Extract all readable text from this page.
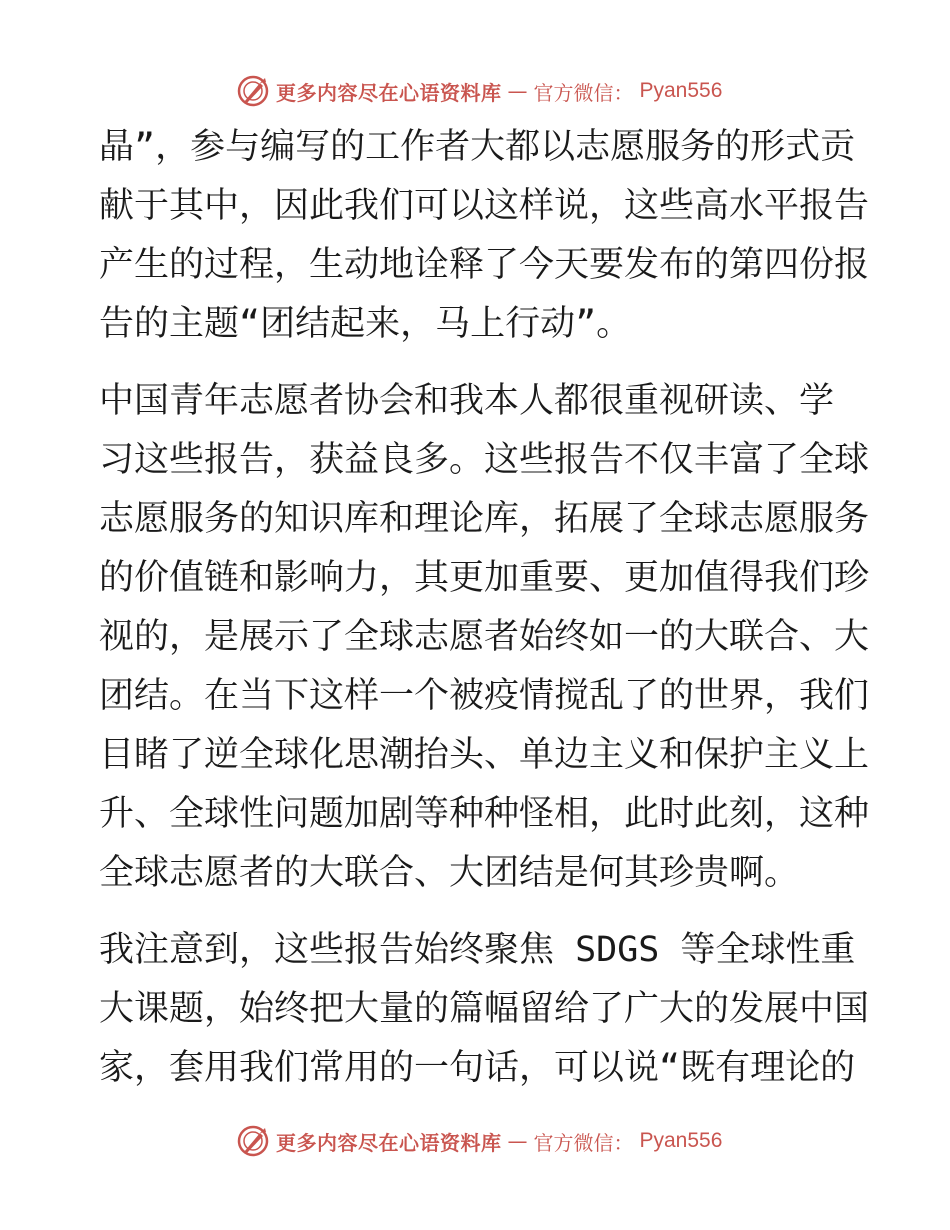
更多内容尽在心语资料库 — 官方微信： Pyan556
晶”，参与编写的工作者大都以志愿服务的形式贡
献于其中，因此我们可以这样说，这些高水平报告
产生的过程，生动地诠释了今天要发布的第四份报
告的主题“团结起来，马上行动”。
中国青年志愿者协会和我本人都很重视研读、学
习这些报告，获益良多。这些报告不仅丰富了全球
志愿服务的知识库和理论库，拓展了全球志愿服务
的价值链和影响力，其更加重要、更加值得我们珍
视的，是展示了全球志愿者始终如一的大联合、大
团结。在当下这样一个被疫情搅乱了的世界，我们
目睹了逆全球化思潮抬头、单边主义和保护主义上
升、全球性问题加剧等种种怪相，此时此刻，这种
全球志愿者的大联合、大团结是何其珍贵啊。
我注意到，这些报告始终聚焦 SDGS 等全球性重
大课题，始终把大量的篇幅留给了广大的发展中国
家，套用我们常用的一句话，可以说“既有理论的
更多内容尽在心语资料库 — 官方微信： Pyan556
